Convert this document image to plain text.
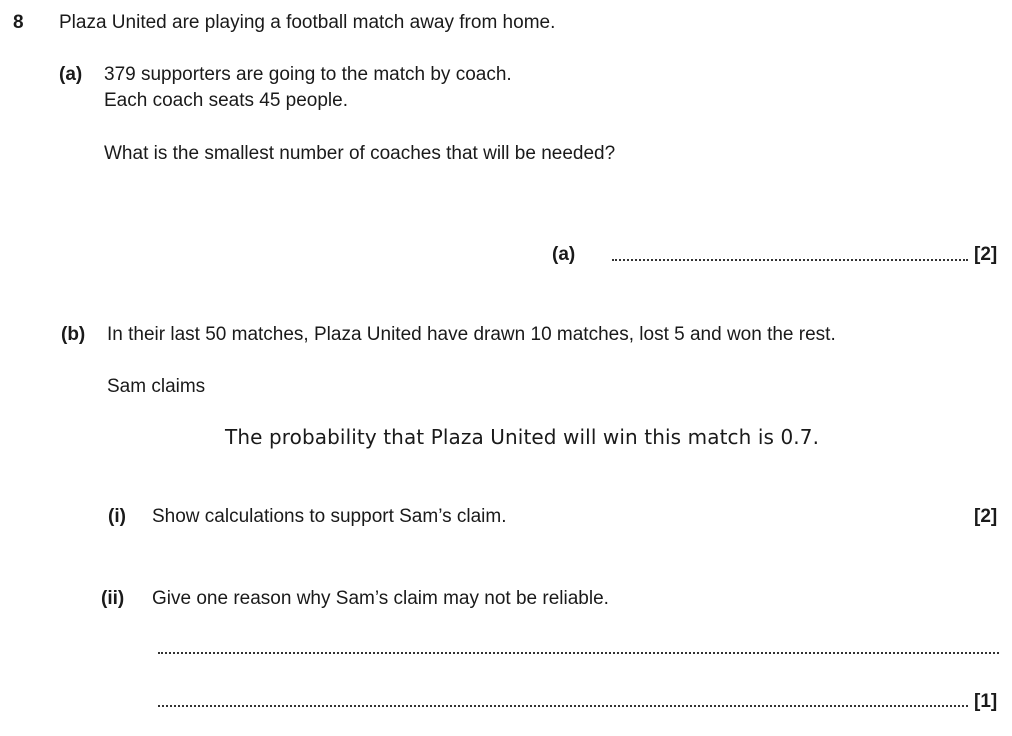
8 Plaza United are playing a football match away from home.
(a) 379 supporters are going to the match by coach.
Each coach seats 45 people.
What is the smallest number of coaches that will be needed?
(a)	[2]
(b) In their last 50 matches, Plaza United have drawn 10 matches, lost 5 and won the rest.
Sam claims
The probability that Plaza United will win this match is 0.7.
(i) Show calculations to support Sam’s claim.	[2]
(ii) Give one reason why Sam’s claim may not be reliable.
[1]
